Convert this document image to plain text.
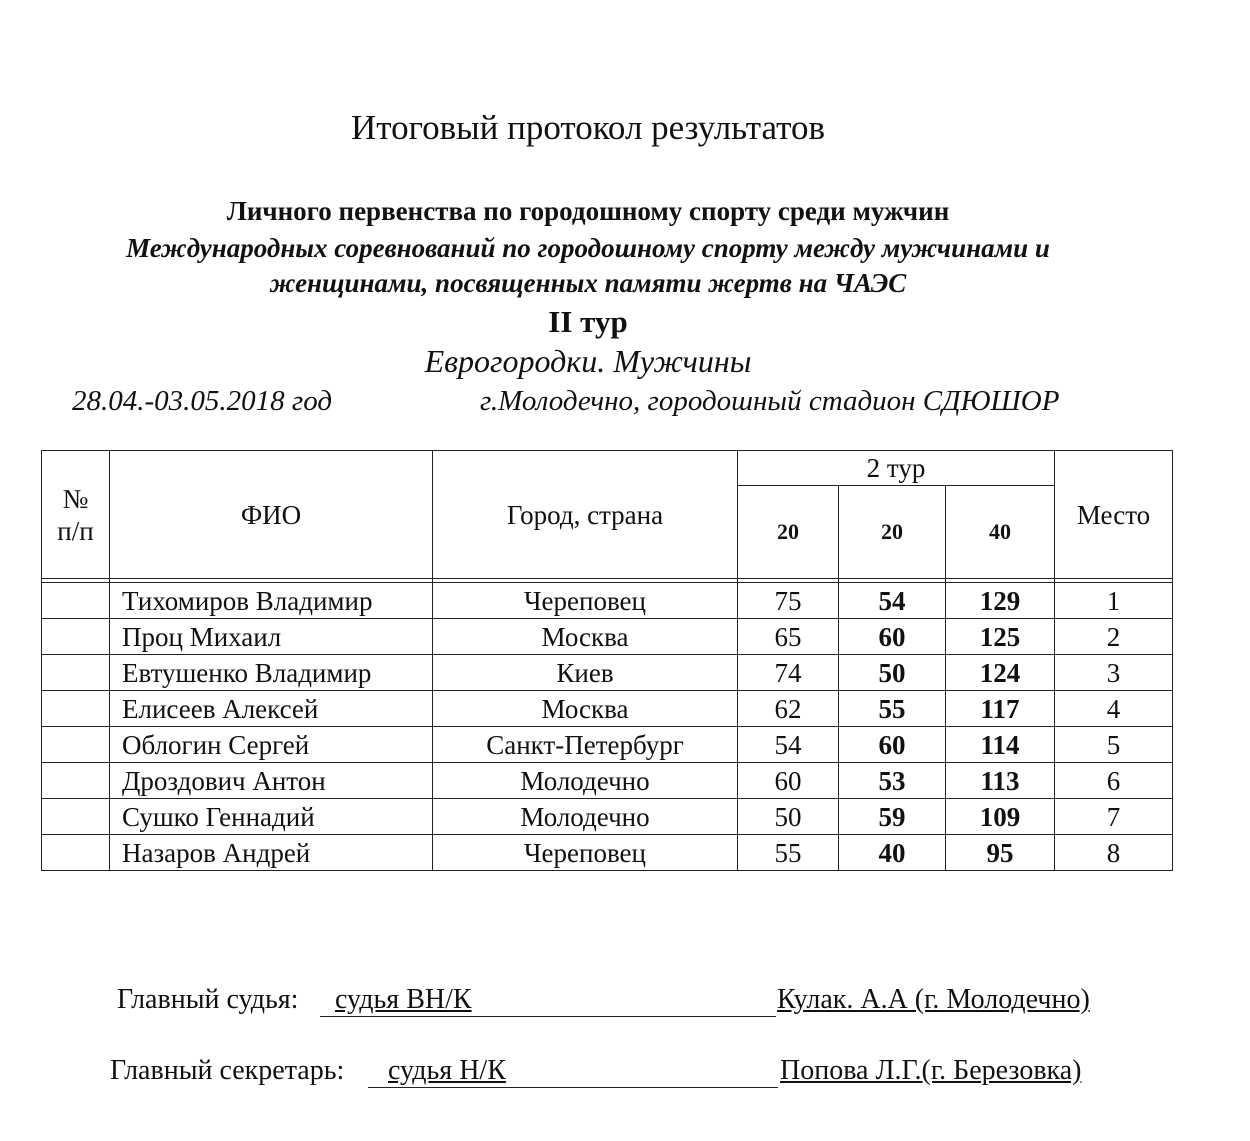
Итоговый протокол результатов
Личного первенства по городошному спорту среди мужчин
Международных соревнований по городошному спорту между мужчинами и
женщинами, посвященных памяти жертв на ЧАЭС
II тур
Еврогородки. Мужчины
28.04.-03.05.2018 год	г.Молодечно, городошный стадион СДЮШОР
№ п/п	ФИО	Город, страна	2 тур			Место
			20	20	40	

	Тихомиров Владимир	Череповец	75	54	129	1
	Проц Михаил	Москва	65	60	125	2
	Евтушенко Владимир	Киев	74	50	124	3
	Елисеев Алексей	Москва	62	55	117	4
	Облогин Сергей	Санкт-Петербург	54	60	114	5
	Дроздович Антон	Молодечно	60	53	113	6
	Сушко Геннадий	Молодечно	50	59	109	7
	Назаров Андрей	Череповец	55	40	95	8
Главный судья: судья ВН/К	Кулак. А.А (г. Молодечно)
Главный секретарь: судья Н/К	Попова Л.Г.(г. Березовка)
